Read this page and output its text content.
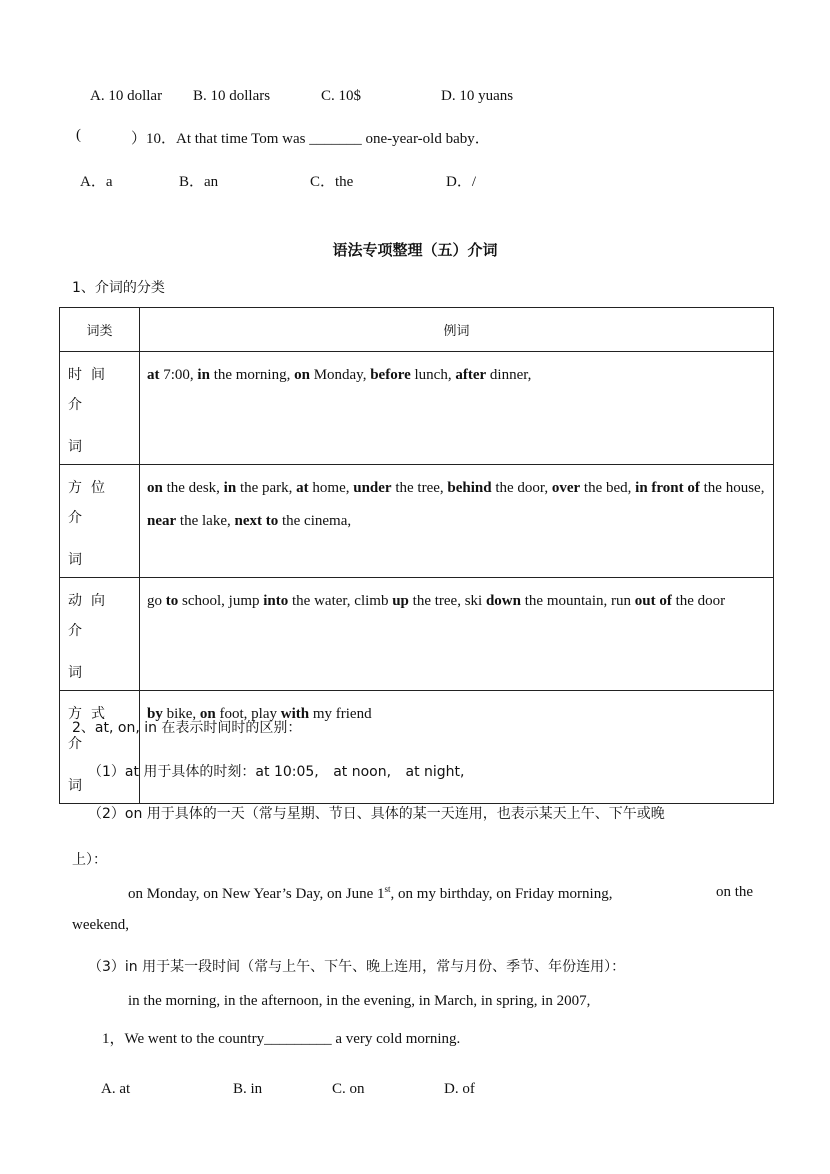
A. 10 dollar B. 10 dollars	C. 10$	D. 10 yuans
(	）10．At that time Tom was _______ one-year-old baby．
A．a	B．an	C．the	D．/
语法专项整理（五）介词
1、介词的分类
词类	例词

时间介
词	at 7:00, in the morning, on Monday, before lunch, after dinner,

方位介
词	on the desk, in the park, at home, under the tree, behind the door, over the bed, in front of the house, near the lake, next to the cinema,

动向介
词	go to school, jump into the water, climb up the tree, ski down the mountain, run out of the door

方式介
词	by bike, on foot, play with my friend
2、at, on, in 在表示时间时的区别：
（1）at 用于具体的时刻：at 10:05, at noon, at night,
（2）on 用于具体的一天（常与星期、节日、具体的某一天连用，也表示某天上午、下午或晚
上）：
on Monday, on New Year’s Day, on June 1st, on my birthday, on Friday morning,	on the
weekend,
（3）in 用于某一段时间（常与上午、下午、晚上连用，常与月份、季节、年份连用）：
in the morning, in the afternoon, in the evening, in March, in spring, in 2007,
1，We went to the country_________ a very cold morning.
A. at	B. in	C. on	D. of
